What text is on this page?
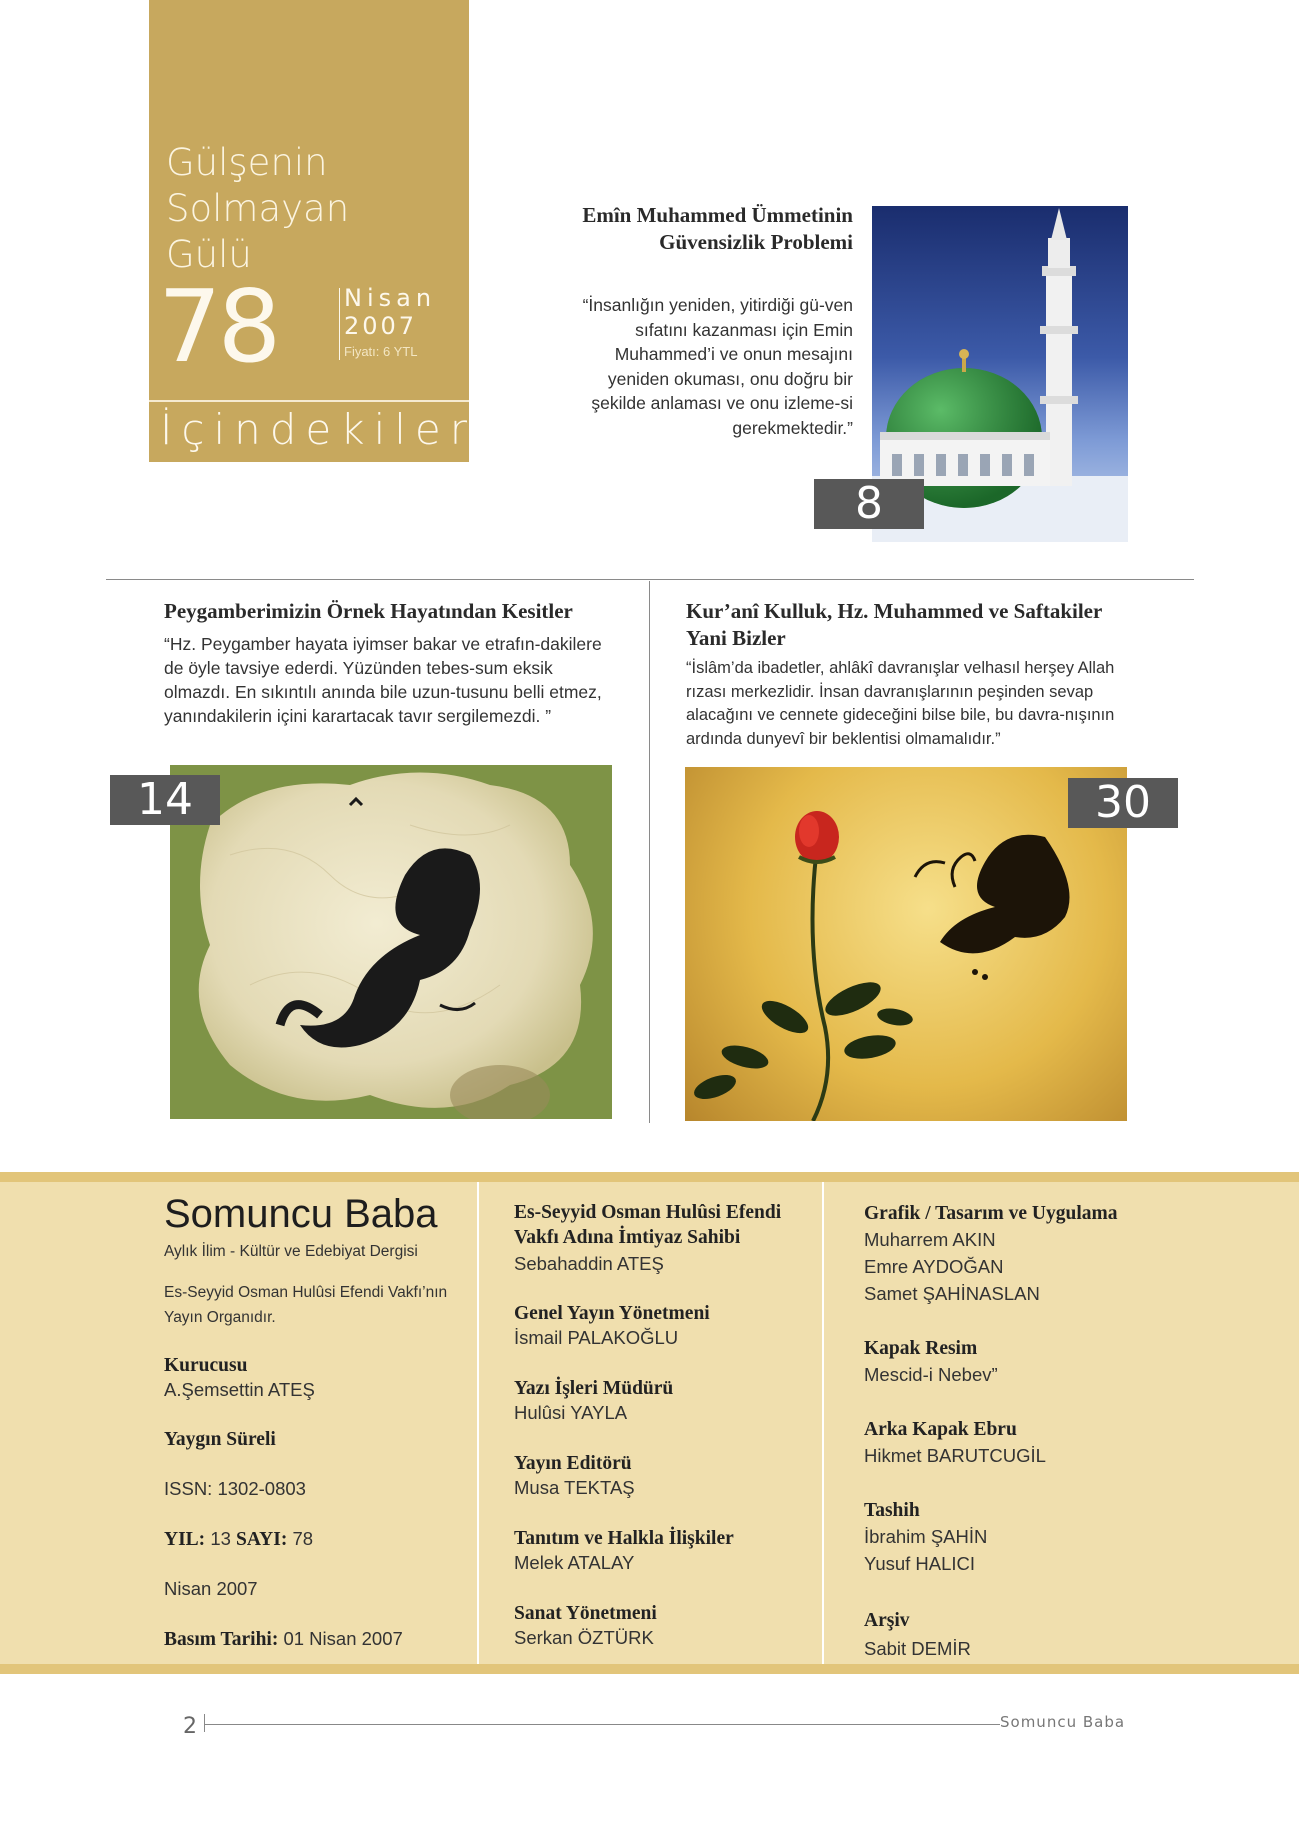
Gülşenin
Solmayan
Gülü
78	Nisan
2007
Fiyatı: 6 YTL
İçindekiler
Emîn Muhammed Ümmetinin Güvensizlik Problemi
“İnsanlığın yeniden, yitirdiği gü-ven sıfatını kazanması için Emin Muhammed’i ve onun mesajını yeniden okuması, onu doğru bir şekilde anlaması ve onu izleme-si gerekmektedir.”
8
Peygamberimizin Örnek Hayatından Kesitler
“Hz. Peygamber hayata iyimser bakar ve etrafın-dakilere de öyle tavsiye ederdi. Yüzünden tebes-sum eksik olmazdı. En sıkıntılı anında bile uzun-tusunu belli etmez, yanındakilerin içini karartacak tavır sergilemezdi. ”
14
Kur’anî Kulluk, Hz. Muhammed ve Saftakiler Yani Bizler
“İslâm’da ibadetler, ahlâkî davranışlar velhasıl herşey Allah rızası merkezlidir. İnsan davranışlarının peşinden sevap alacağını ve cennete gideceğini bilse bile, bu davra-nışının ardında dunyevî bir beklentisi olmamalıdır.”
30
Somuncu Baba
Aylık İlim - Kültür ve Edebiyat Dergisi
Es-Seyyid Osman Hulûsi Efendi Vakfı’nın Yayın Organıdır.
Kurucusu
A.Şemsettin ATEŞ
Yaygın Süreli
ISSN: 1302-0803
YIL: 13 SAYI: 78
Nisan 2007
Basım Tarihi: 01 Nisan 2007
Es-Seyyid Osman Hulûsi Efendi Vakfı Adına İmtiyaz Sahibi
Sebahaddin ATEŞ
Genel Yayın Yönetmeni
İsmail PALAKOĞLU
Yazı İşleri Müdürü
Hulûsi YAYLA
Yayın Editörü
Musa TEKTAŞ
Tanıtım ve Halkla İlişkiler
Melek ATALAY
Sanat Yönetmeni
Serkan ÖZTÜRK
Grafik / Tasarım ve Uygulama
Muharrem AKIN
Emre AYDOĞAN
Samet ŞAHİNASLAN
Kapak Resim
Mescid-i Nebev”
Arka Kapak Ebru
Hikmet BARUTCUGİL
Tashih
İbrahim ŞAHİN
Yusuf HALICI
Arşiv
Sabit DEMİR
2	Somuncu Baba
